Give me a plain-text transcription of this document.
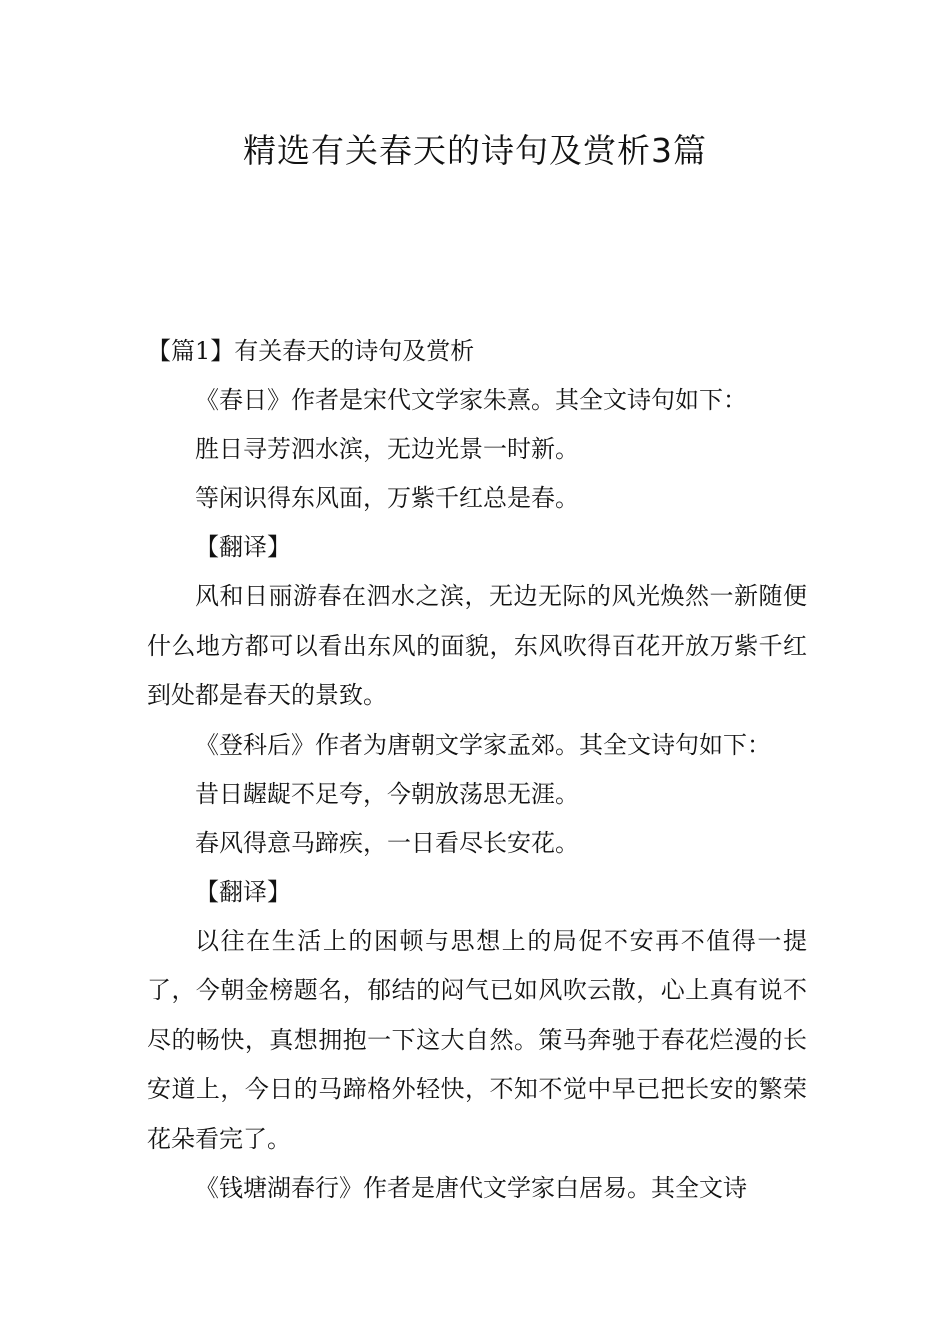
精选有关春天的诗句及赏析3篇

【篇1】有关春天的诗句及赏析

《春日》作者是宋代文学家朱熹。其全文诗句如下：

胜日寻芳泗水滨，无边光景一时新。

等闲识得东风面，万紫千红总是春。

【翻译】

风和日丽游春在泗水之滨，无边无际的风光焕然一新随便什么地方都可以看出东风的面貌，东风吹得百花开放万紫千红到处都是春天的景致。

《登科后》作者为唐朝文学家孟郊。其全文诗句如下：

昔日龌龊不足夸，今朝放荡思无涯。

春风得意马蹄疾，一日看尽长安花。

【翻译】

以往在生活上的困顿与思想上的局促不安再不值得一提了，今朝金榜题名，郁结的闷气已如风吹云散，心上真有说不尽的畅快，真想拥抱一下这大自然。策马奔驰于春花烂漫的长安道上，今日的马蹄格外轻快，不知不觉中早已把长安的繁荣花朵看完了。

《钱塘湖春行》作者是唐代文学家白居易。其全文诗
